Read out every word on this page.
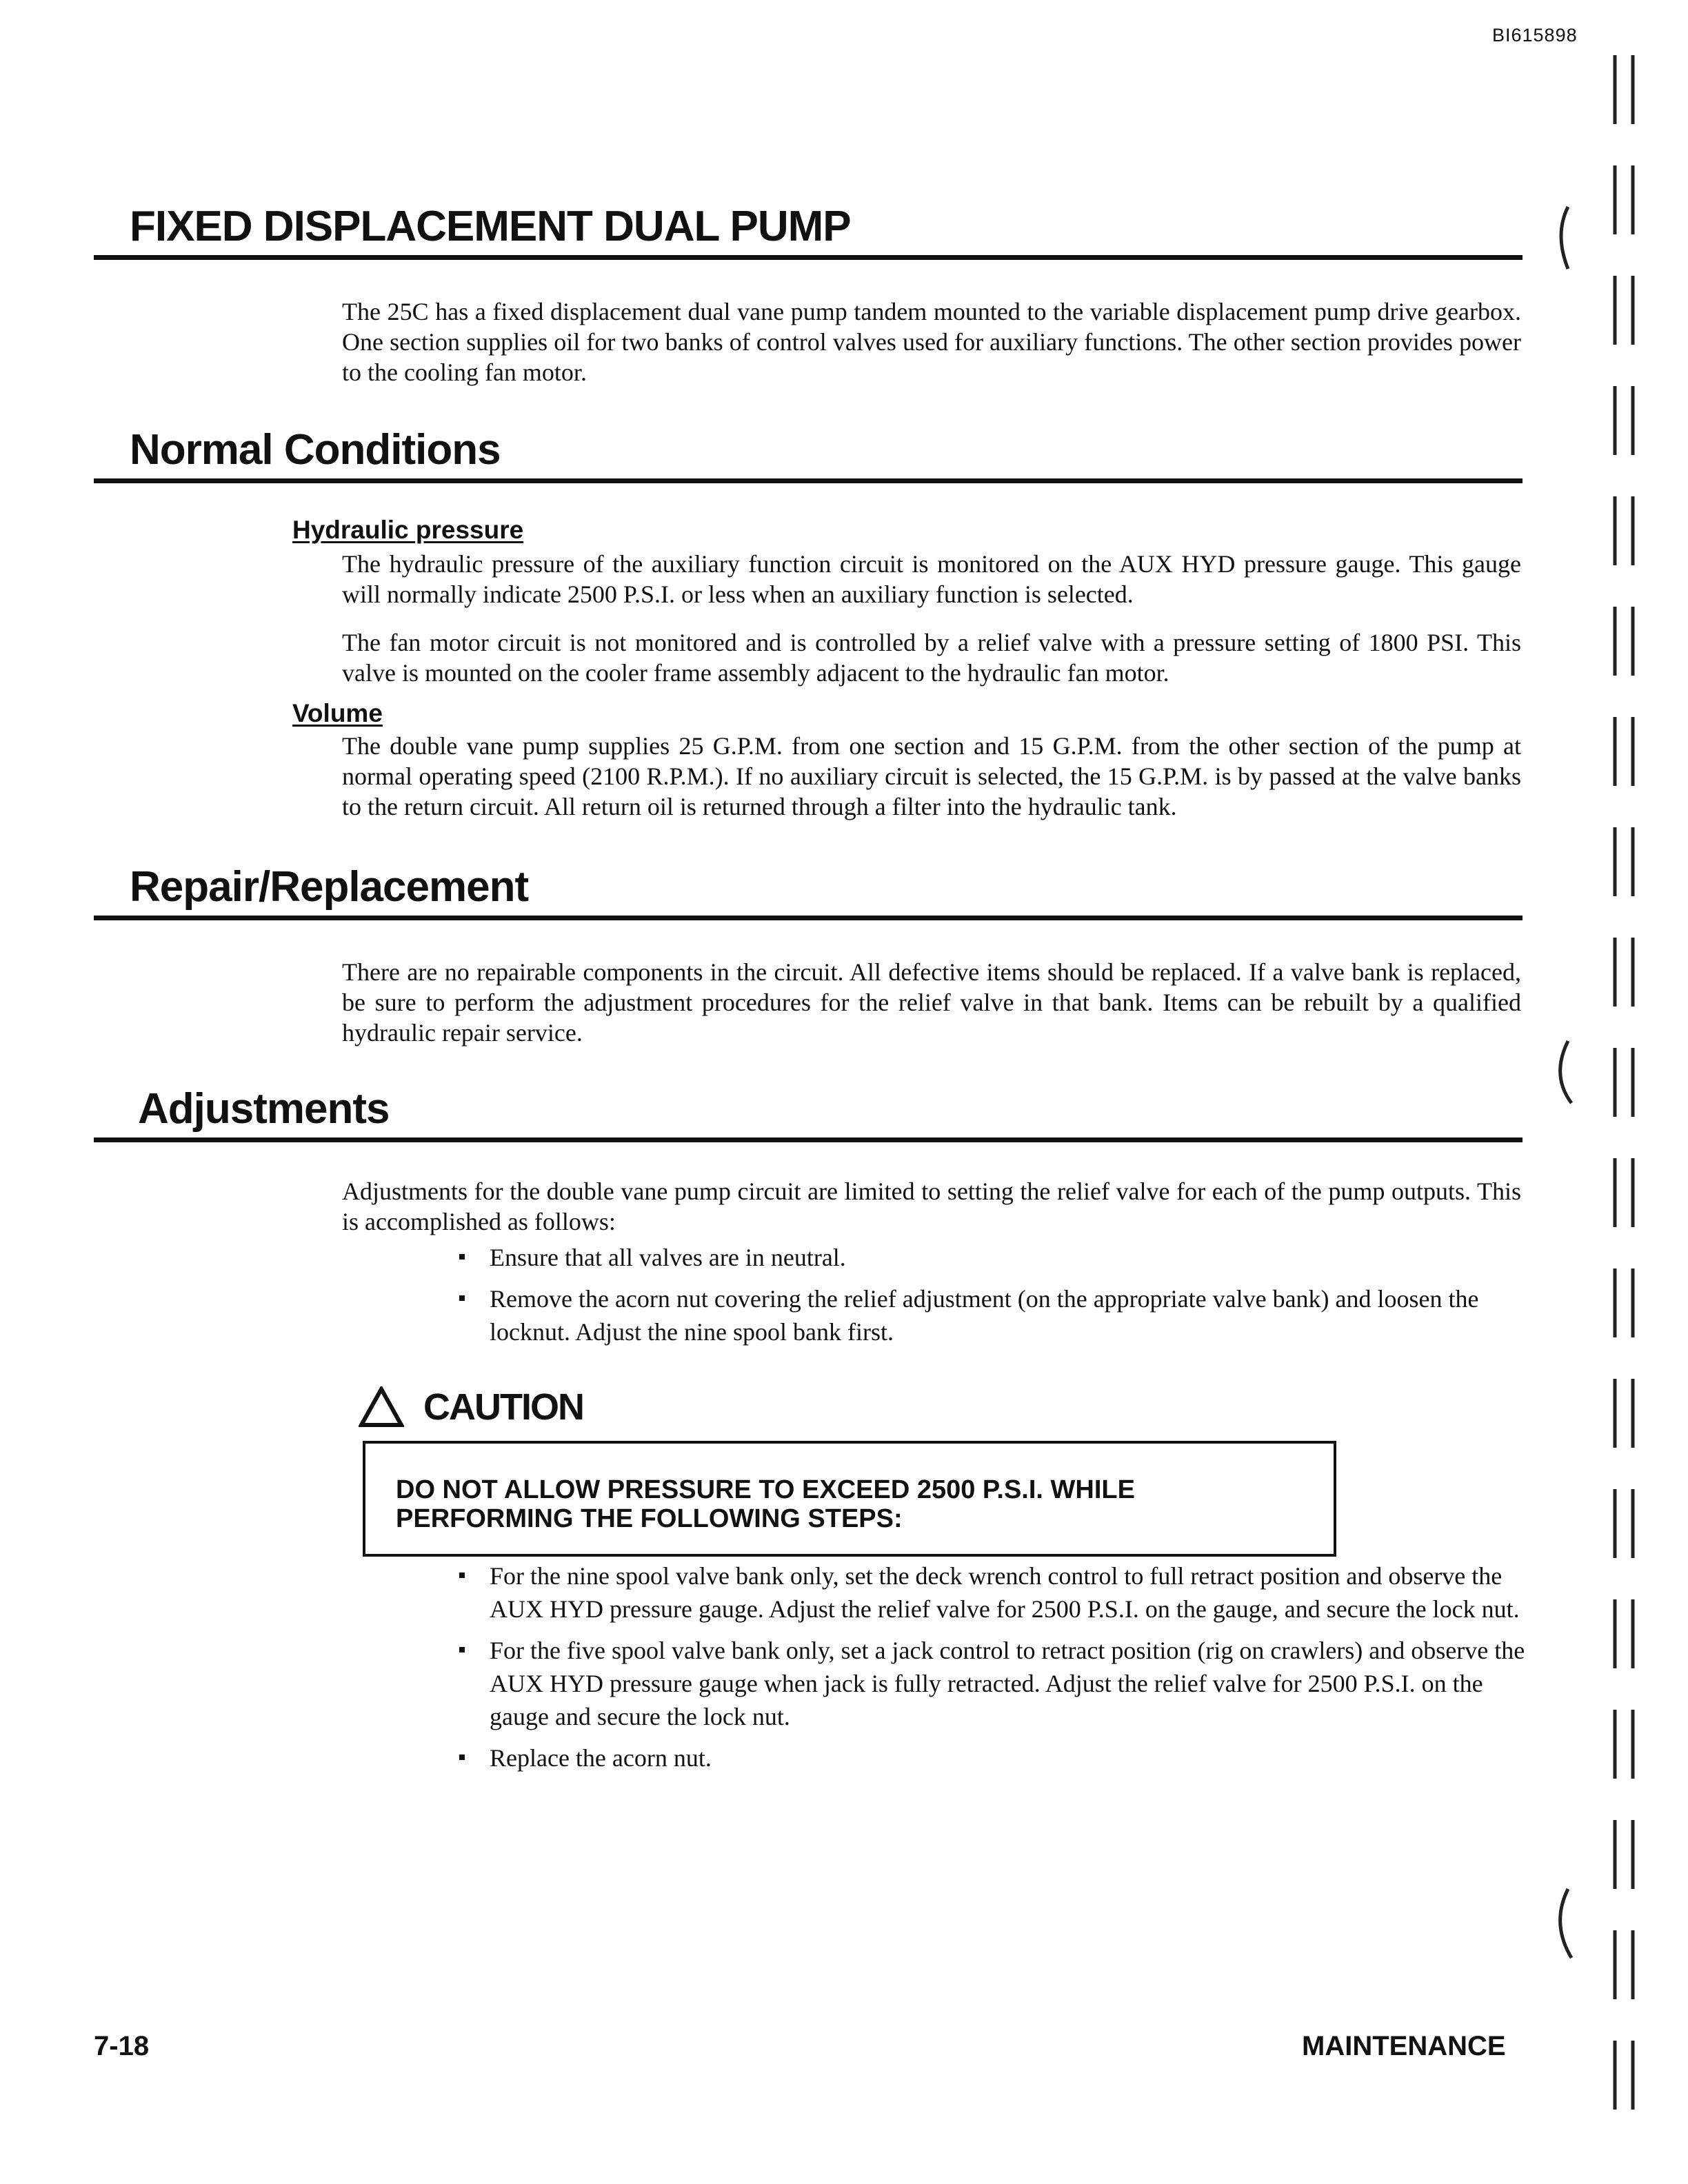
BI615898
FIXED DISPLACEMENT DUAL PUMP

The 25C has a fixed displacement dual vane pump tandem mounted to the variable displacement pump drive gearbox. One section supplies oil for two banks of control valves used for auxiliary functions. The other section provides power to the cooling fan motor.

Normal Conditions
Hydraulic pressure

The hydraulic pressure of the auxiliary function circuit is monitored on the AUX HYD pressure gauge. This gauge will normally indicate 2500 P.S.I. or less when an auxiliary function is selected.

The fan motor circuit is not monitored and is controlled by a relief valve with a pressure setting of 1800 PSI. This valve is mounted on the cooler frame assembly adjacent to the hydraulic fan motor.

Volume

The double vane pump supplies 25 G.P.M. from one section and 15 G.P.M. from the other section of the pump at normal operating speed (2100 R.P.M.). If no auxiliary circuit is selected, the 15 G.P.M. is by passed at the valve banks to the return circuit. All return oil is returned through a filter into the hydraulic tank.

Repair/Replacement

There are no repairable components in the circuit. All defective items should be replaced. If a valve bank is replaced, be sure to perform the adjustment procedures for the relief valve in that bank. Items can be rebuilt by a qualified hydraulic repair service.

Adjustments

Adjustments for the double vane pump circuit are limited to setting the relief valve for each of the pump outputs. This is accomplished as follows:

Ensure that all valves are in neutral.
Remove the acorn nut covering the relief adjustment (on the appropriate valve bank) and loosen the locknut. Adjust the nine spool bank first.
CAUTION
DO NOT ALLOW PRESSURE TO EXCEED 2500 P.S.I. WHILE PERFORMING THE FOLLOWING STEPS:
For the nine spool valve bank only, set the deck wrench control to full retract position and observe the AUX HYD pressure gauge. Adjust the relief valve for 2500 P.S.I. on the gauge, and secure the lock nut.
For the five spool valve bank only, set a jack control to retract position (rig on crawlers) and observe the AUX HYD pressure gauge when jack is fully retracted. Adjust the relief valve for 2500 P.S.I. on the gauge and secure the lock nut.
Replace the acorn nut.

7-18	MAINTENANCE
